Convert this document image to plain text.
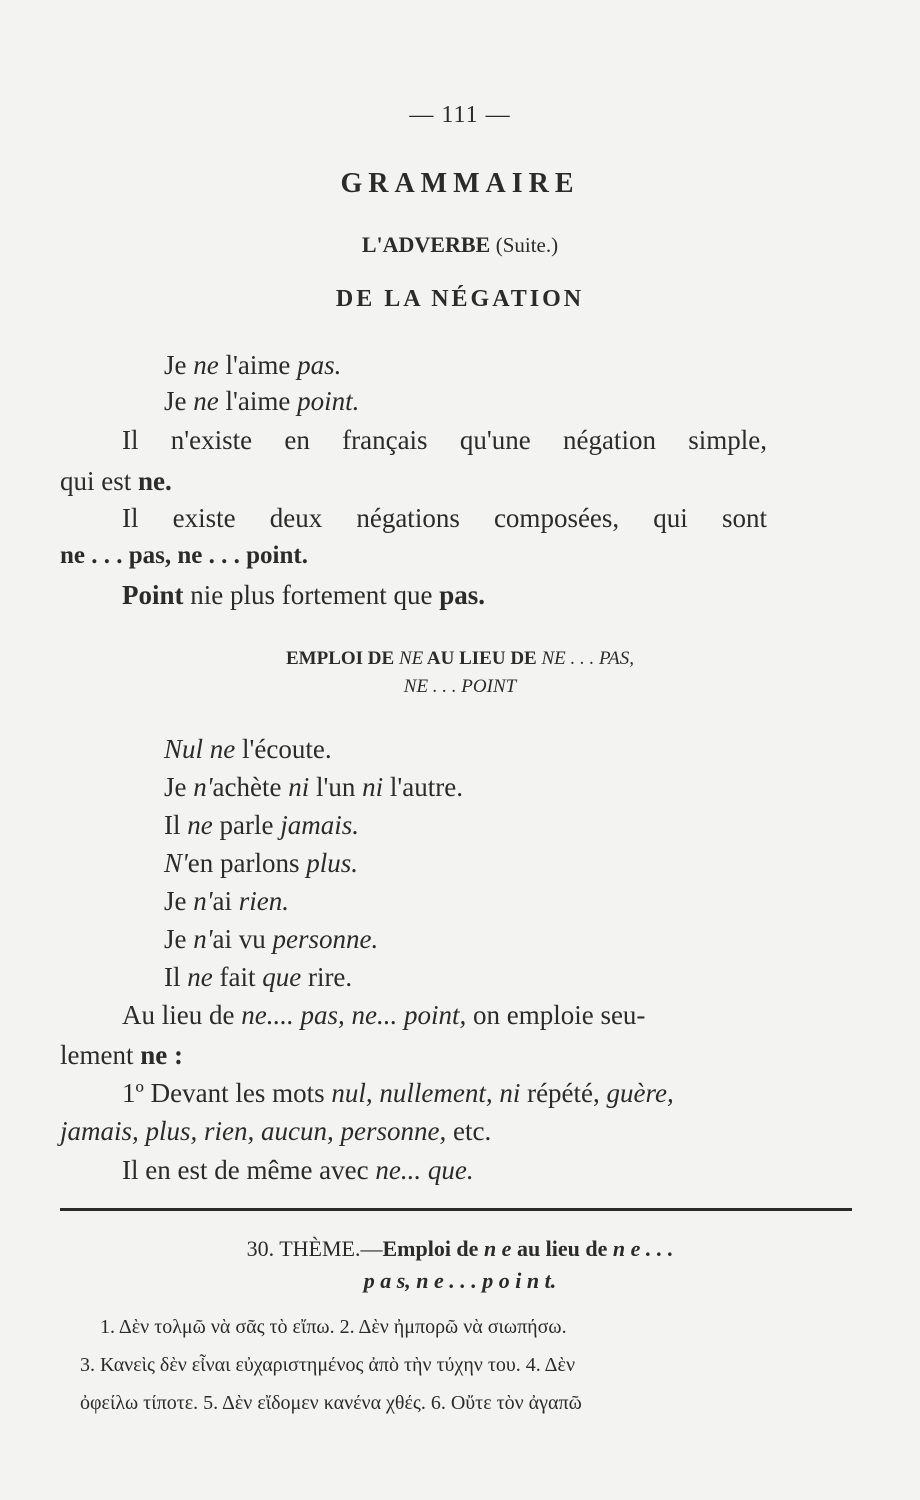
— 111 —
GRAMMAIRE
L'ADVERBE (Suite.)
DE LA NÉGATION
Je ne l'aime pas.
Je ne l'aime point.
Il n'existe en français qu'une négation simple,
qui est ne.
Il existe deux négations composées, qui sont
ne . . . pas, ne . . . point.
Point nie plus fortement que pas.
EMPLOI DE NE AU LIEU DE NE . . . PAS,
NE . . . POINT
Nul ne l'écoute.
Je n'achète ni l'un ni l'autre.
Il ne parle jamais.
N'en parlons plus.
Je n'ai rien.
Je n'ai vu personne.
Il ne fait que rire.
Au lieu de ne.... pas, ne... point, on emploie seu-
lement ne :
1º Devant les mots nul, nullement, ni répété, guère,
jamais, plus, rien, aucun, personne, etc.
Il en est de même avec ne... que.
30. THÈME.—Emploi de n e au lieu de n e . . .
p a s, n e . . . p o i n t.
1. Δὲν τολμῶ νὰ σᾶς τὸ εἴπω. 2. Δὲν ἠμπορῶ νὰ σιωπήσω.
3. Κανεὶς δὲν εἶναι εὐχαριστημένος ἀπὸ τὴν τύχην του. 4. Δὲν
ὀφείλω τίποτε. 5. Δὲν εἴδομεν κανένα χθές. 6. Οὔτε τὸν ἀγαπῶ
